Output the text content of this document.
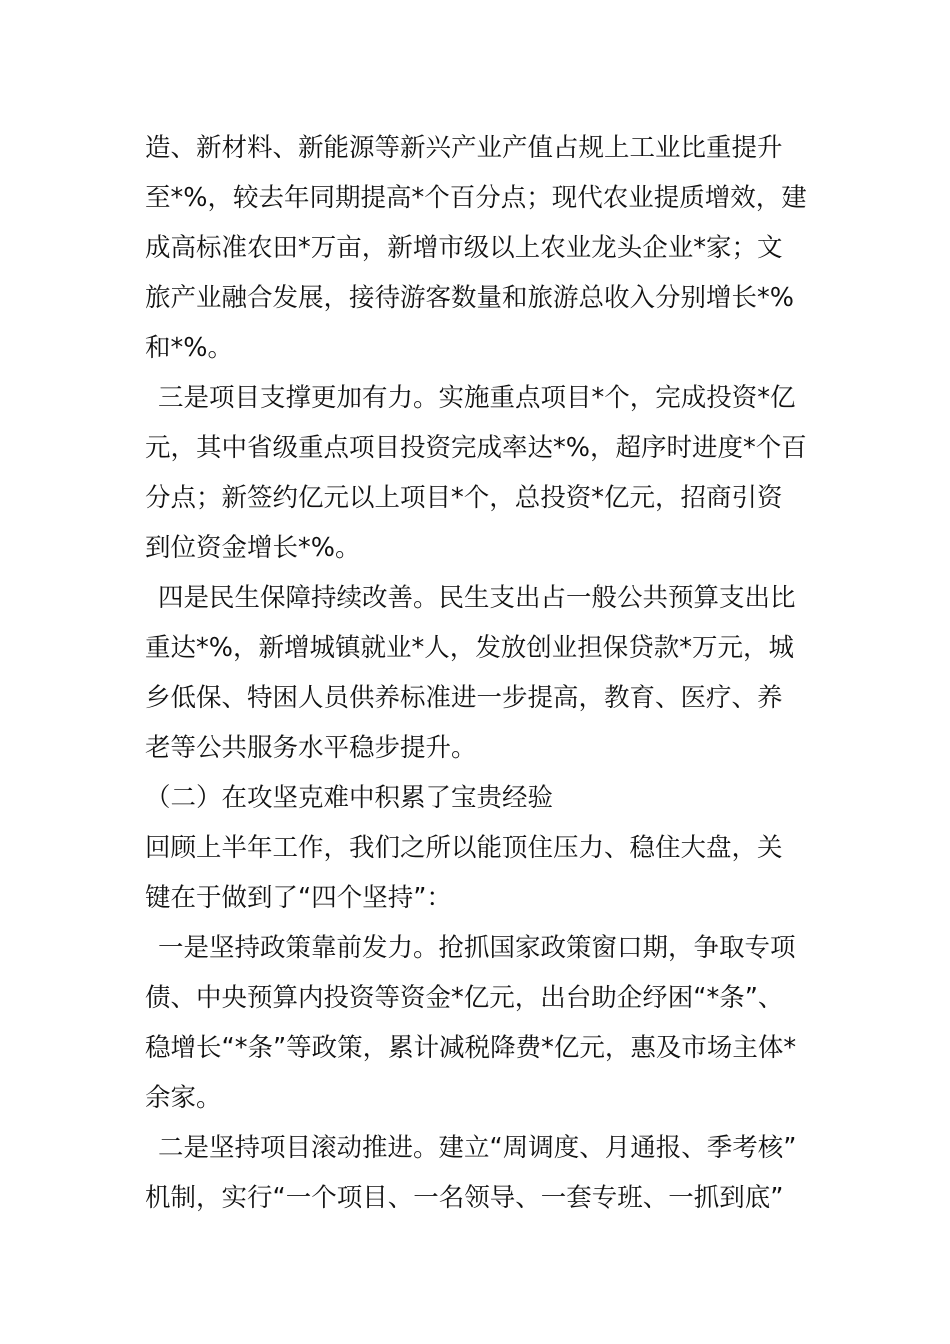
造、新材料、新能源等新兴产业产值占规上工业比重提升
至*%，较去年同期提高*个百分点；现代农业提质增效，建
成高标准农田*万亩，新增市级以上农业龙头企业*家；文
旅产业融合发展，接待游客数量和旅游总收入分别增长*%
和*%。
三是项目支撑更加有力。实施重点项目*个，完成投资*亿
元，其中省级重点项目投资完成率达*%，超序时进度*个百
分点；新签约亿元以上项目*个，总投资*亿元，招商引资
到位资金增长*%。
四是民生保障持续改善。民生支出占一般公共预算支出比
重达*%，新增城镇就业*人，发放创业担保贷款*万元，城
乡低保、特困人员供养标准进一步提高，教育、医疗、养
老等公共服务水平稳步提升。
（二）在攻坚克难中积累了宝贵经验
回顾上半年工作，我们之所以能顶住压力、稳住大盘，关
键在于做到了“四个坚持”：
一是坚持政策靠前发力。抢抓国家政策窗口期，争取专项
债、中央预算内投资等资金*亿元，出台助企纾困“*条”、
稳增长“*条”等政策，累计减税降费*亿元，惠及市场主体*
余家。
二是坚持项目滚动推进。建立“周调度、月通报、季考核”
机制，实行“一个项目、一名领导、一套专班、一抓到底”
